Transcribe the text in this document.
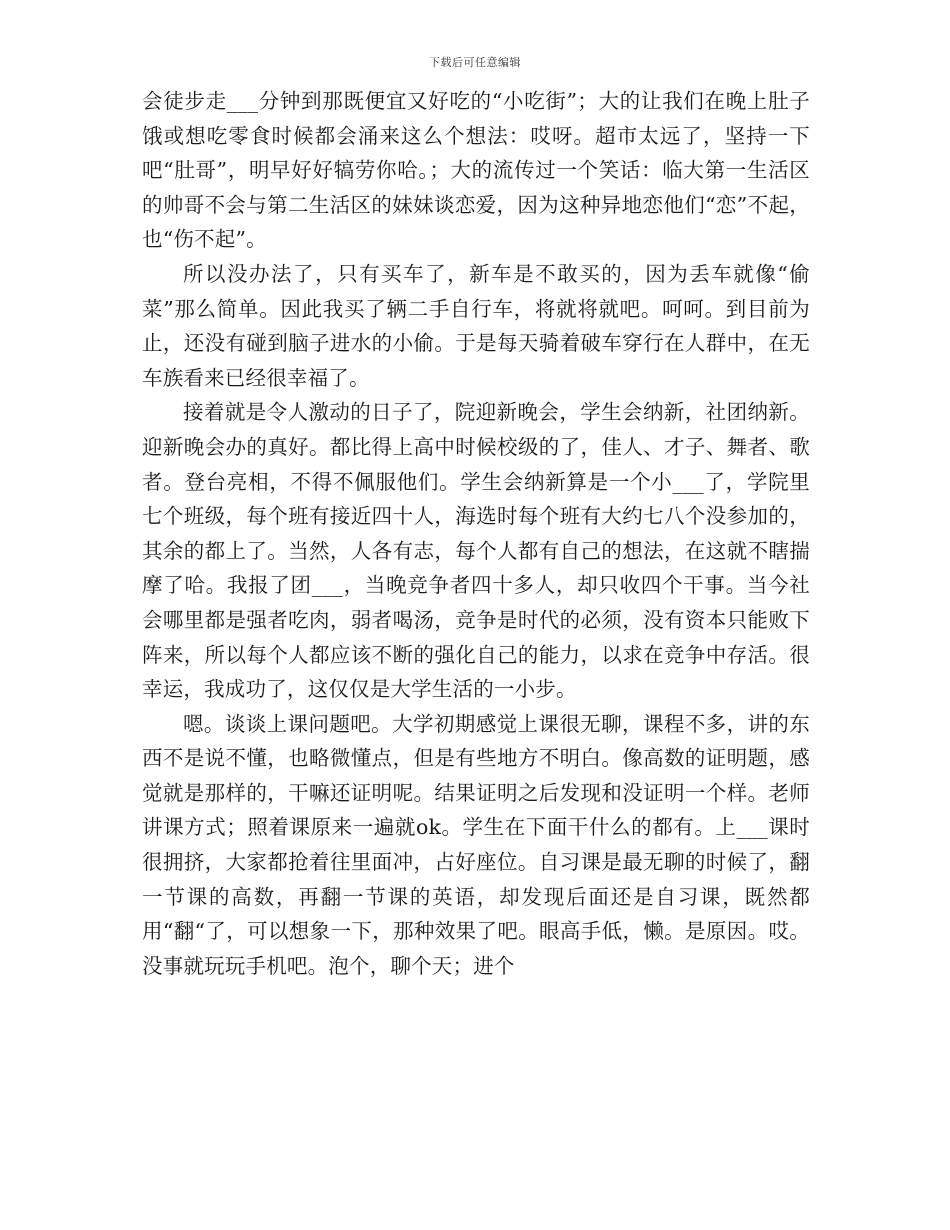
下载后可任意编辑

会徒步走___分钟到那既便宜又好吃的“小吃街”；大的让我们在晚上肚子饿或想吃零食时候都会涌来这么个想法：哎呀。超市太远了，坚持一下吧“肚哥”，明早好好犒劳你哈。；大的流传过一个笑话：临大第一生活区的帅哥不会与第二生活区的妹妹谈恋爱，因为这种异地恋他们“恋”不起，也“伤不起”。

所以没办法了，只有买车了，新车是不敢买的，因为丢车就像“偷菜”那么简单。因此我买了辆二手自行车，将就将就吧。呵呵。到目前为止，还没有碰到脑子进水的小偷。于是每天骑着破车穿行在人群中，在无车族看来已经很幸福了。

接着就是令人激动的日子了，院迎新晚会，学生会纳新，社团纳新。迎新晚会办的真好。都比得上高中时候校级的了，佳人、才子、舞者、歌者。登台亮相，不得不佩服他们。学生会纳新算是一个小___了，学院里七个班级，每个班有接近四十人，海选时每个班有大约七八个没参加的，其余的都上了。当然，人各有志，每个人都有自己的想法，在这就不瞎揣摩了哈。我报了团___，当晚竞争者四十多人，却只收四个干事。当今社会哪里都是强者吃肉，弱者喝汤，竞争是时代的必须，没有资本只能败下阵来，所以每个人都应该不断的强化自己的能力，以求在竞争中存活。很幸运，我成功了，这仅仅是大学生活的一小步。

嗯。谈谈上课问题吧。大学初期感觉上课很无聊，课程不多，讲的东西不是说不懂，也略微懂点，但是有些地方不明白。像高数的证明题，感觉就是那样的，干嘛还证明呢。结果证明之后发现和没证明一个样。老师讲课方式；照着课原来一遍就ok。学生在下面干什么的都有。上___课时很拥挤，大家都抢着往里面冲，占好座位。自习课是最无聊的时候了，翻一节课的高数，再翻一节课的英语，却发现后面还是自习课，既然都用“翻“了，可以想象一下，那种效果了吧。眼高手低，懒。是原因。哎。没事就玩玩手机吧。泡个，聊个天；进个
